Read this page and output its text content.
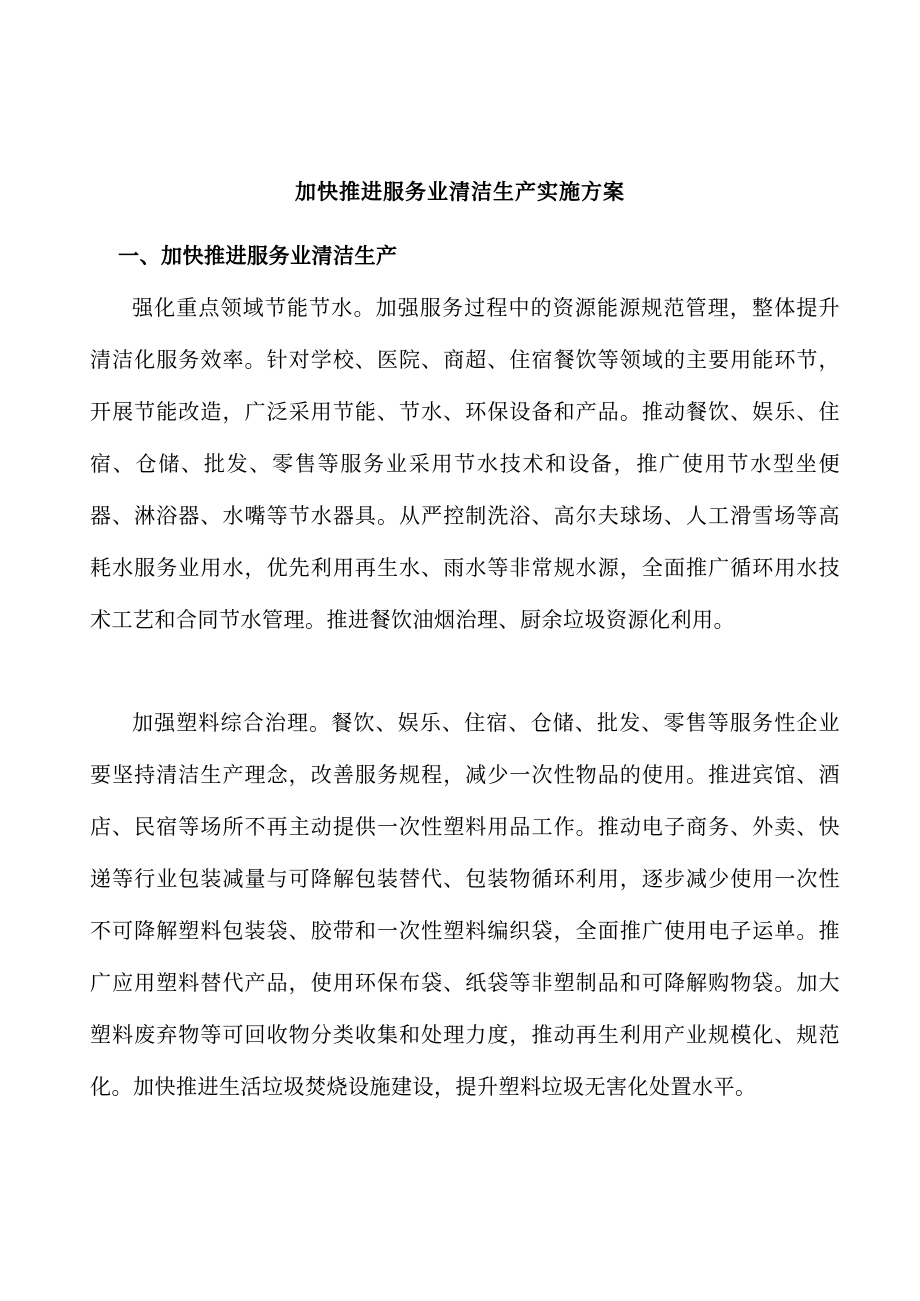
加快推进服务业清洁生产实施方案
一、加快推进服务业清洁生产

强化重点领域节能节水。加强服务过程中的资源能源规范管理，整体提升清洁化服务效率。针对学校、医院、商超、住宿餐饮等领域的主要用能环节，开展节能改造，广泛采用节能、节水、环保设备和产品。推动餐饮、娱乐、住宿、仓储、批发、零售等服务业采用节水技术和设备，推广使用节水型坐便器、淋浴器、水嘴等节水器具。从严控制洗浴、高尔夫球场、人工滑雪场等高耗水服务业用水，优先利用再生水、雨水等非常规水源，全面推广循环用水技术工艺和合同节水管理。推进餐饮油烟治理、厨余垃圾资源化利用。

加强塑料综合治理。餐饮、娱乐、住宿、仓储、批发、零售等服务性企业要坚持清洁生产理念，改善服务规程，减少一次性物品的使用。推进宾馆、酒店、民宿等场所不再主动提供一次性塑料用品工作。推动电子商务、外卖、快递等行业包装减量与可降解包装替代、包装物循环利用，逐步减少使用一次性不可降解塑料包装袋、胶带和一次性塑料编织袋，全面推广使用电子运单。推广应用塑料替代产品，使用环保布袋、纸袋等非塑制品和可降解购物袋。加大塑料废弃物等可回收物分类收集和处理力度，推动再生利用产业规模化、规范化。加快推进生活垃圾焚烧设施建设，提升塑料垃圾无害化处置水平。
